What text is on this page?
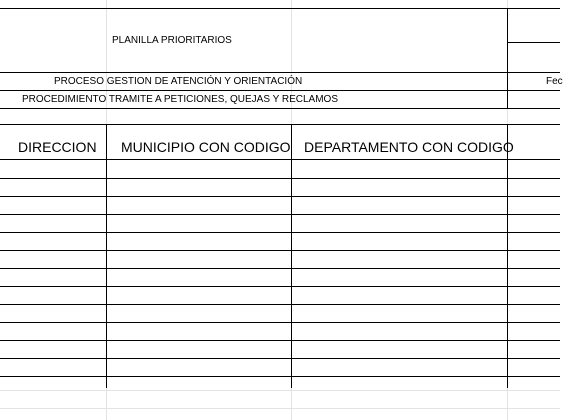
PLANILLA PRIORITARIOS
PROCESO GESTION DE ATENCIÓN Y ORIENTACIÓN
PROCEDIMIENTO TRAMITE A PETICIONES, QUEJAS Y RECLAMOS
Fec
DIRECCION MUNICIPIO CON CODIGO DEPARTAMENTO CON CODIGO
